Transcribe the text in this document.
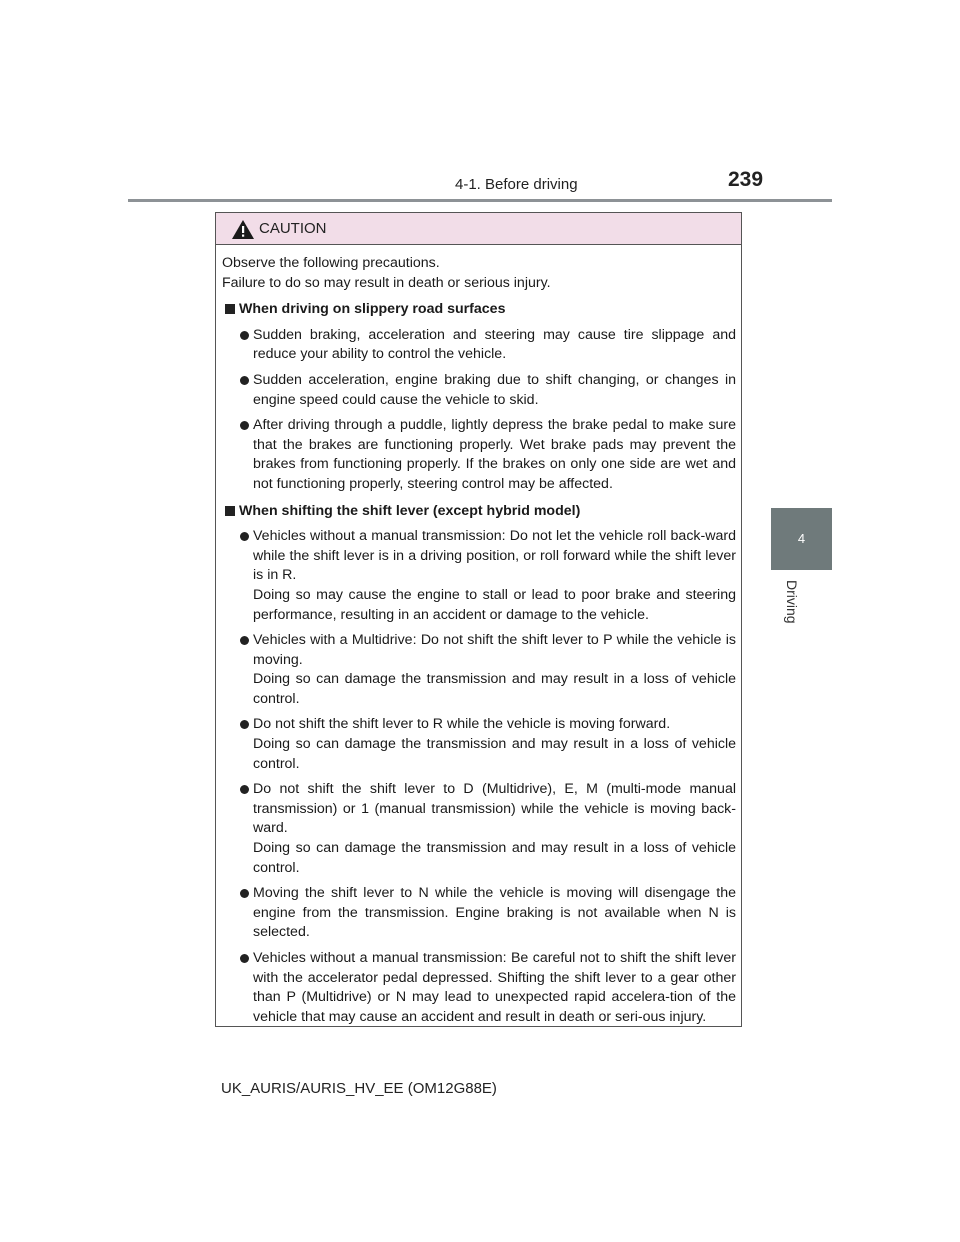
4-1. Before driving	239
4
Driving
CAUTION

Observe the following precautions.
Failure to do so may result in death or serious injury.

When driving on slippery road surfaces
Sudden braking, acceleration and steering may cause tire slippage and reduce your ability to control the vehicle.
Sudden acceleration, engine braking due to shift changing, or changes in engine speed could cause the vehicle to skid.
After driving through a puddle, lightly depress the brake pedal to make sure that the brakes are functioning properly. Wet brake pads may prevent the brakes from functioning properly. If the brakes on only one side are wet and not functioning properly, steering control may be affected.
When shifting the shift lever (except hybrid model)
Vehicles without a manual transmission: Do not let the vehicle roll back-ward while the shift lever is in a driving position, or roll forward while the shift lever is in R.
Doing so may cause the engine to stall or lead to poor brake and steering performance, resulting in an accident or damage to the vehicle.
Vehicles with a Multidrive: Do not shift the shift lever to P while the vehicle is moving.
Doing so can damage the transmission and may result in a loss of vehicle control.
Do not shift the shift lever to R while the vehicle is moving forward.
Doing so can damage the transmission and may result in a loss of vehicle control.
Do not shift the shift lever to D (Multidrive), E, M (multi-mode manual transmission) or 1 (manual transmission) while the vehicle is moving back-ward.
Doing so can damage the transmission and may result in a loss of vehicle control.
Moving the shift lever to N while the vehicle is moving will disengage the engine from the transmission. Engine braking is not available when N is selected.
Vehicles without a manual transmission: Be careful not to shift the shift lever with the accelerator pedal depressed. Shifting the shift lever to a gear other than P (Multidrive) or N may lead to unexpected rapid accelera-tion of the vehicle that may cause an accident and result in death or seri-ous injury.
UK_AURIS/AURIS_HV_EE (OM12G88E)
